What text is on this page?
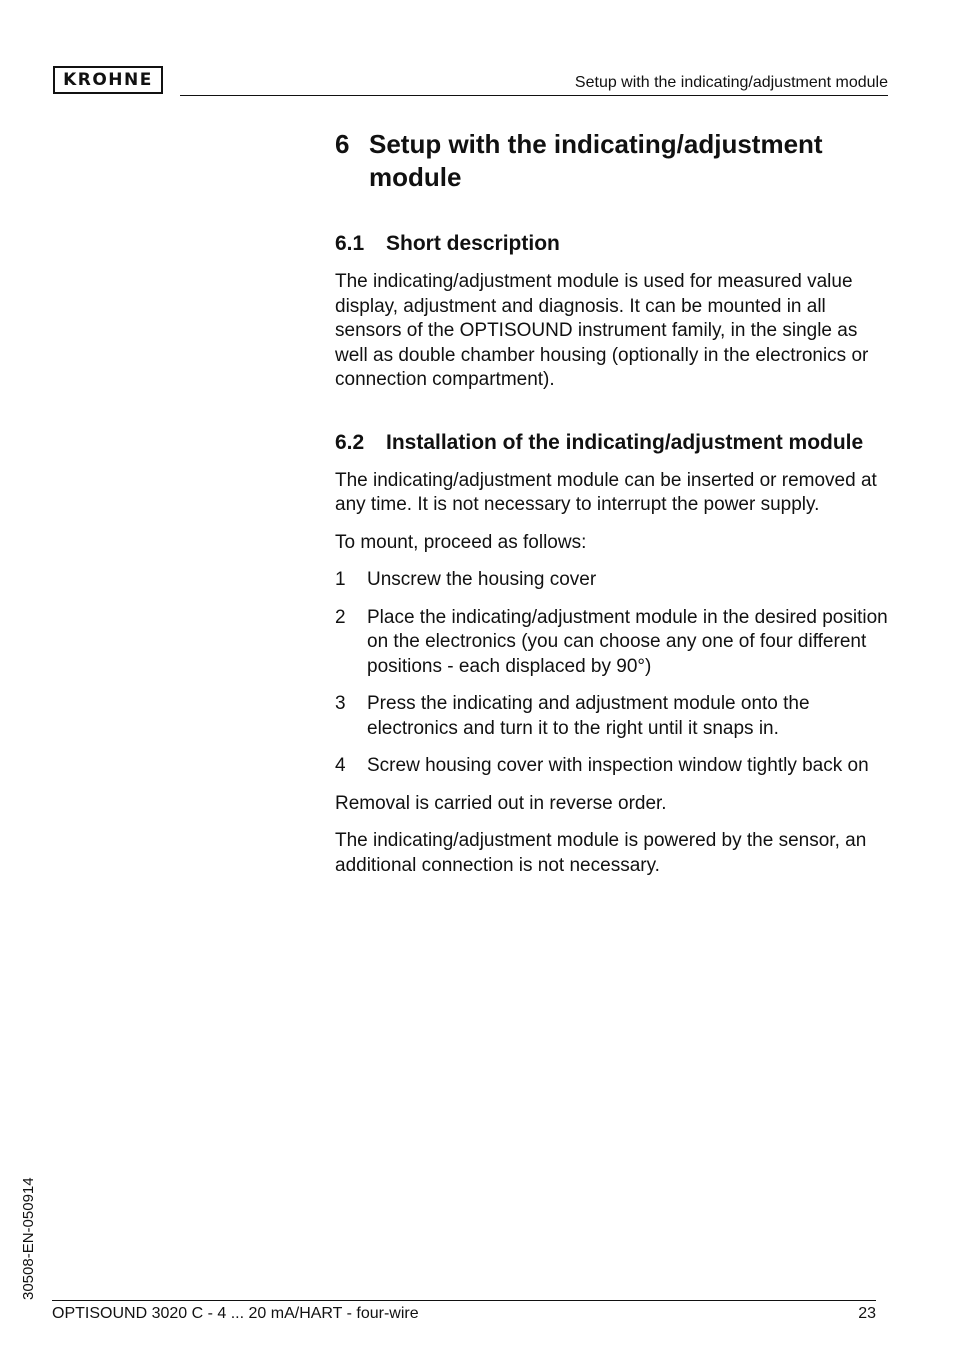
KROHNE	Setup with the indicating/adjustment module
6 Setup with the indicating/adjustment module
6.1	Short description

The indicating/adjustment module is used for measured value display, adjustment and diagnosis. It can be mounted in all sensors of the OPTISOUND instrument family, in the single as well as double chamber housing (optionally in the electronics or connection compartment).

6.2	Installation of the indicating/adjustment module

The indicating/adjustment module can be inserted or removed at any time. It is not necessary to interrupt the power supply.

To mount, proceed as follows:

1	Unscrew the housing cover
2	Place the indicating/adjustment module in the desired position on the electronics (you can choose any one of four different positions - each displaced by 90°)
3	Press the indicating and adjustment module onto the electronics and turn it to the right until it snaps in.
4	Screw housing cover with inspection window tightly back on

Removal is carried out in reverse order.

The indicating/adjustment module is powered by the sensor, an additional connection is not necessary.

30508-EN-050914
OPTISOUND 3020 C - 4 ... 20 mA/HART - four-wire	23
